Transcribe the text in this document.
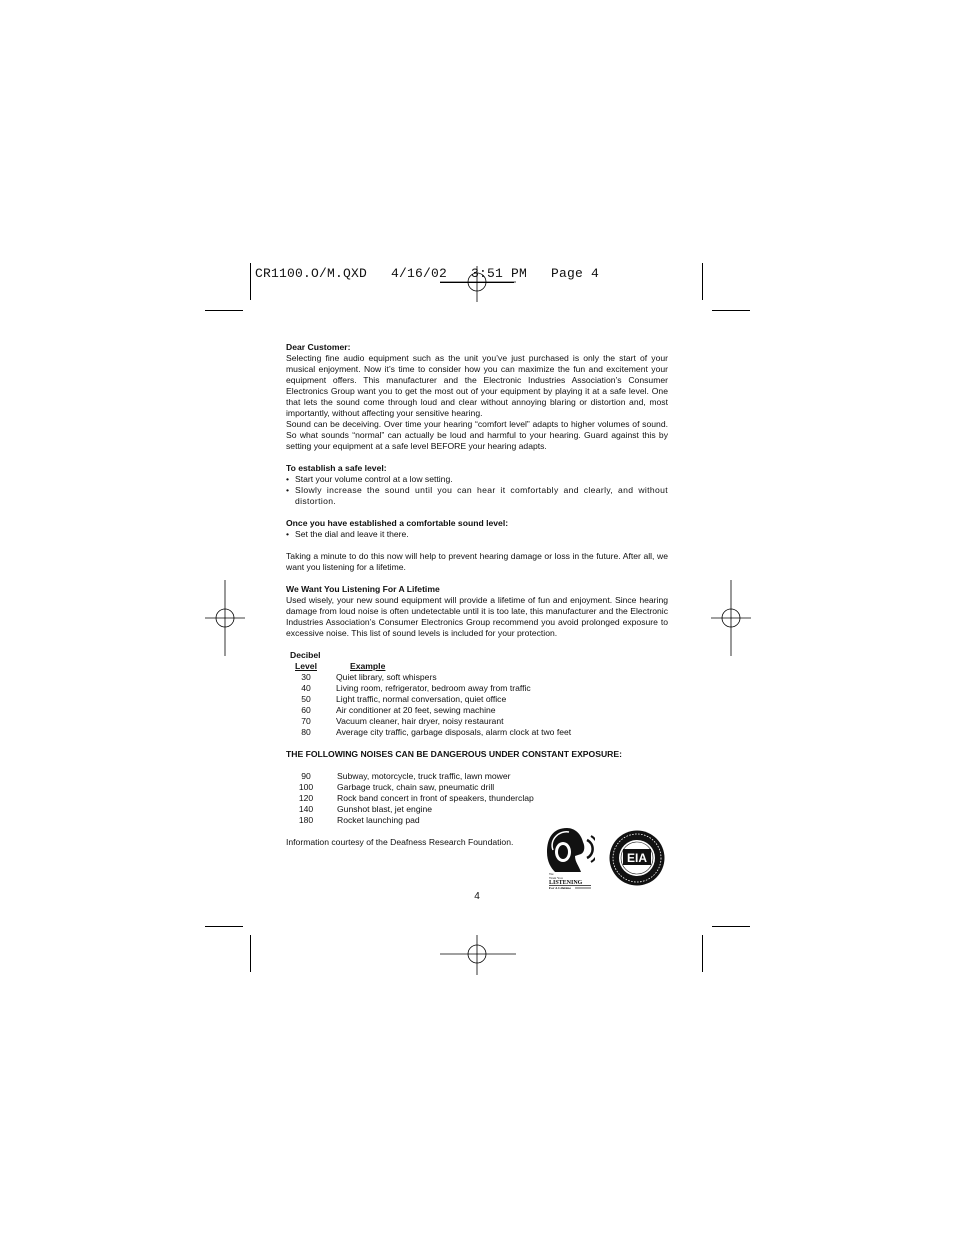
CR1100.O/M.QXD   4/16/02   3:51 PM   Page 4
Dear Customer:

Selecting fine audio equipment such as the unit you’ve just purchased is only the start of your musical enjoyment. Now it’s time to consider how you can maximize the fun and excitement your equipment offers. This manufacturer and the Electronic Industries Association’s Consumer Electronics Group want you to get the most out of your equipment by playing it at a safe level. One that lets the sound come through loud and clear without annoying blaring or distortion and, most importantly, without affecting your sensitive hearing.

Sound can be deceiving. Over time your hearing “comfort level” adapts to higher volumes of sound. So what sounds “normal” can actually be loud and harmful to your hearing. Guard against this by setting your equipment at a safe level BEFORE your hearing adapts.

To establish a safe level:
• Start your volume control at a low setting.
• Slowly increase the sound until you can hear it comfortably and clearly, and without distortion.
Once you have established a comfortable sound level:
• Set the dial and leave it there.

Taking a minute to do this now will help to prevent hearing damage or loss in the future. After all, we want you listening for a lifetime.

We Want You Listening For A Lifetime

Used wisely, your new sound equipment will provide a lifetime of fun and enjoyment. Since hearing damage from loud noise is often undetectable until it is too late, this manufacturer and the Electronic Industries Association’s Consumer Electronics Group recommend you avoid prolonged exposure to excessive noise. This list of sound levels is included for your protection.

Decibel
Level	Example
30	Quiet library, soft whispers
40	Living room, refrigerator, bedroom away from traffic
50	Light traffic, normal conversation, quiet office
60	Air conditioner at 20 feet, sewing machine
70	Vacuum cleaner, hair dryer, noisy restaurant
80	Average city traffic, garbage disposals, alarm clock at two feet
THE FOLLOWING NOISES CAN BE DANGEROUS UNDER CONSTANT EXPOSURE:
90	Subway, motorcycle, truck traffic, lawn mower
100	Garbage truck, chain saw, pneumatic drill
120	Rock band concert in front of speakers, thunderclap
140	Gunshot blast, jet engine
180	Rocket launching pad
Information courtesy of the Deafness Research Foundation.
We
Want You
LISTENING
For A Lifetime
EIA
4
